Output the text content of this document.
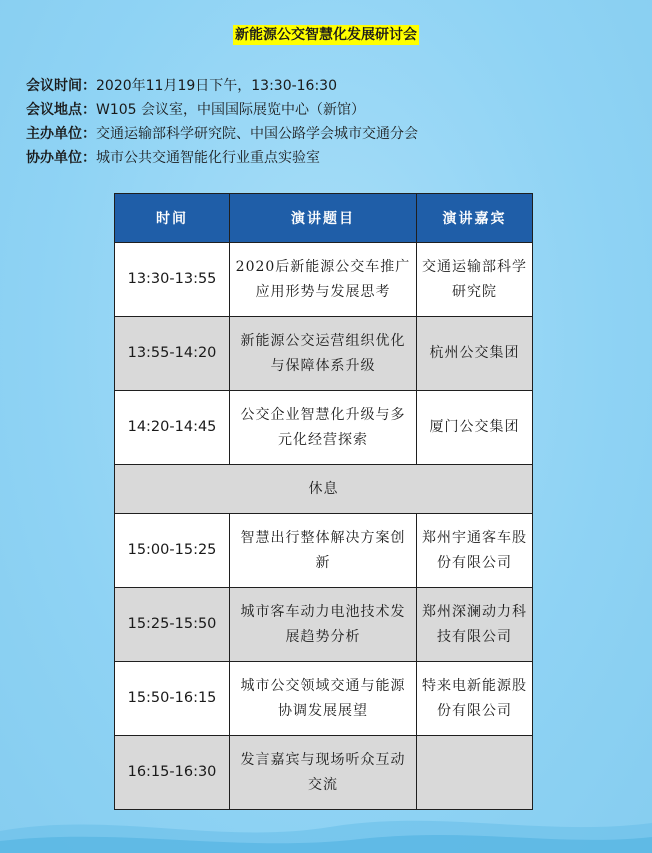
新能源公交智慧化发展研讨会
会议时间：2020年11月19日下午，13:30-16:30
会议地点：W105 会议室，中国国际展览中心（新馆）
主办单位：交通运输部科学研究院、中国公路学会城市交通分会
协办单位：城市公共交通智能化行业重点实验室
时间	演讲题目	演讲嘉宾
13:30-13:55	2020后新能源公交车推广应用形势与发展思考	交通运输部科学研究院
13:55-14:20	新能源公交运营组织优化与保障体系升级	杭州公交集团
14:20-14:45	公交企业智慧化升级与多元化经营探索	厦门公交集团
休息		
15:00-15:25	智慧出行整体解决方案创新	郑州宇通客车股份有限公司
15:25-15:50	城市客车动力电池技术发展趋势分析	郑州深澜动力科技有限公司
15:50-16:15	城市公交领域交通与能源协调发展展望	特来电新能源股份有限公司
16:15-16:30	发言嘉宾与现场听众互动交流	
